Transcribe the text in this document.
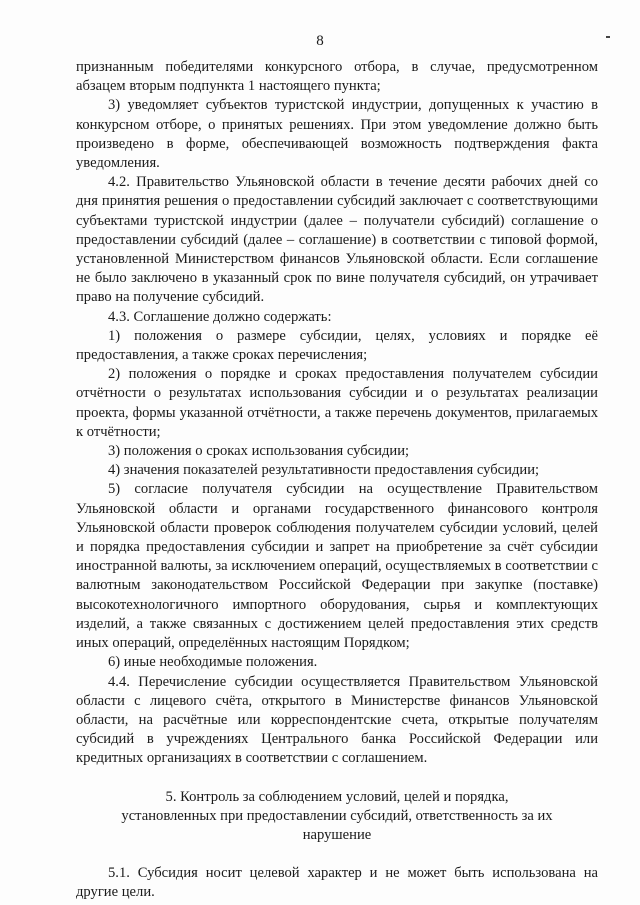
8

признанным победителями конкурсного отбора, в случае, предусмотренном абзацем вторым подпункта 1 настоящего пункта;

3) уведомляет субъектов туристской индустрии, допущенных к участию в конкурсном отборе, о принятых решениях. При этом уведомление должно быть произведено в форме, обеспечивающей возможность подтверждения факта уведомления.

4.2. Правительство Ульяновской области в течение десяти рабочих дней со дня принятия решения о предоставлении субсидий заключает с соответствующими субъектами туристской индустрии (далее – получатели субсидий) соглашение о предоставлении субсидий (далее – соглашение) в соответствии с типовой формой, установленной Министерством финансов Ульяновской области. Если соглашение не было заключено в указанный срок по вине получателя субсидий, он утрачивает право на получение субсидий.

4.3. Соглашение должно содержать:

1) положения о размере субсидии, целях, условиях и порядке её предоставления, а также сроках перечисления;

2) положения о порядке и сроках предоставления получателем субсидии отчётности о результатах использования субсидии и о результатах реализации проекта, формы указанной отчётности, а также перечень документов, прилагаемых к отчётности;

3) положения о сроках использования субсидии;

4) значения показателей результативности предоставления субсидии;

5) согласие получателя субсидии на осуществление Правительством Ульяновской области и органами государственного финансового контроля Ульяновской области проверок соблюдения получателем субсидии условий, целей и порядка предоставления субсидии и запрет на приобретение за счёт субсидии иностранной валюты, за исключением операций, осуществляемых в соответствии с валютным законодательством Российской Федерации при закупке (поставке) высокотехнологичного импортного оборудования, сырья и комплектующих изделий, а также связанных с достижением целей предоставления этих средств иных операций, определённых настоящим Порядком;

6) иные необходимые положения.

4.4. Перечисление субсидии осуществляется Правительством Ульяновской области с лицевого счёта, открытого в Министерстве финансов Ульяновской области, на расчётные или корреспондентские счета, открытые получателям субсидий в учреждениях Центрального банка Российской Федерации или кредитных организациях в соответствии с соглашением.

5. Контроль за соблюдением условий, целей и порядка,
установленных при предоставлении субсидий, ответственность за их
нарушение

5.1. Субсидия носит целевой характер и не может быть использована на другие цели.
